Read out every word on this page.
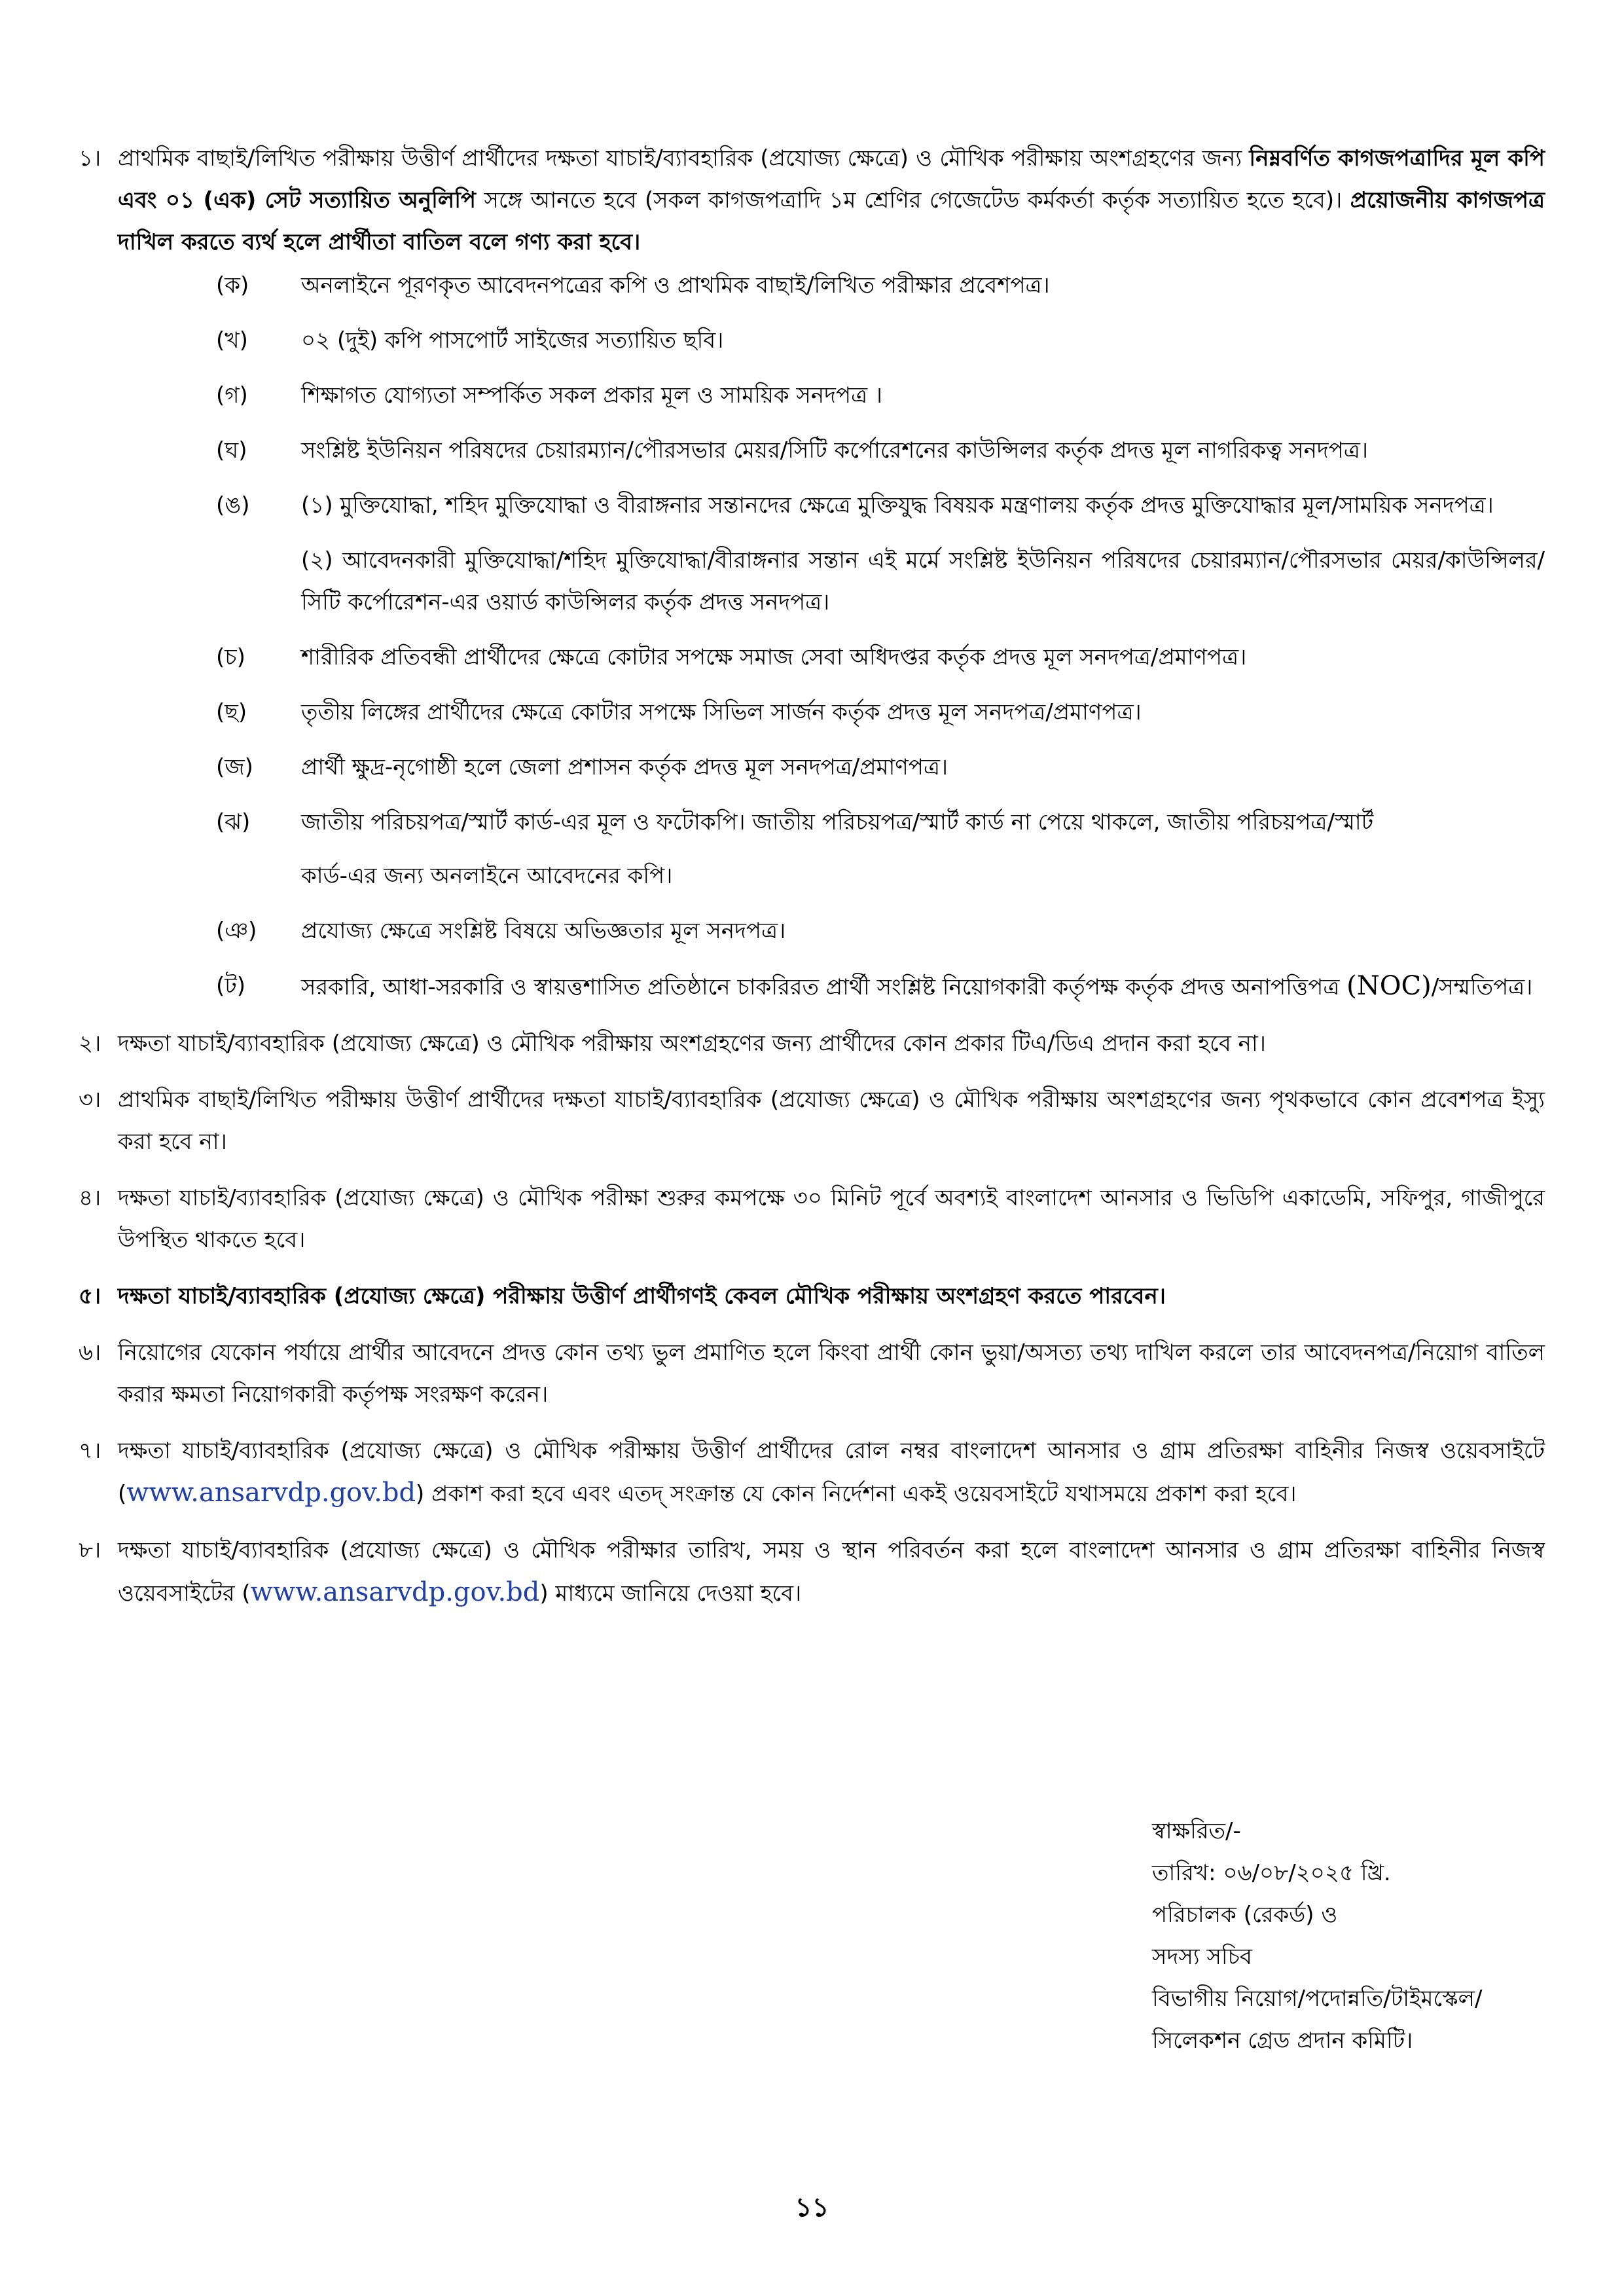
১। প্রাথমিক বাছাই/লিখিত পরীক্ষায় উত্তীর্ণ প্রার্থীদের দক্ষতা যাচাই/ব্যাবহারিক (প্রযোজ্য ক্ষেত্রে) ও মৌখিক পরীক্ষায় অংশগ্রহণের জন্য নিম্নবর্ণিত কাগজপত্রাদির মূল কপি এবং ০১ (এক) সেট সত্যায়িত অনুলিপি সঙ্গে আনতে হবে (সকল কাগজপত্রাদি ১ম শ্রেণির গেজেটেড কর্মকর্তা কর্তৃক সত্যায়িত হতে হবে)। প্রয়োজনীয় কাগজপত্র দাখিল করতে ব্যর্থ হলে প্রার্থীতা বাতিল বলে গণ্য করা হবে।
(ক) অনলাইনে পূরণকৃত আবেদনপত্রের কপি ও প্রাথমিক বাছাই/লিখিত পরীক্ষার প্রবেশপত্র।
(খ) ০২ (দুই) কপি পাসপোর্ট সাইজের সত্যায়িত ছবি।
(গ) শিক্ষাগত যোগ্যতা সম্পর্কিত সকল প্রকার মূল ও সাময়িক সনদপত্র ।
(ঘ) সংশ্লিষ্ট ইউনিয়ন পরিষদের চেয়ারম্যান/পৌরসভার মেয়র/সিটি কর্পোরেশনের কাউন্সিলর কর্তৃক প্রদত্ত মূল নাগরিকত্ব সনদপত্র।
(ঙ) (১) মুক্তিযোদ্ধা, শহিদ মুক্তিযোদ্ধা ও বীরাঙ্গনার সন্তানদের ক্ষেত্রে মুক্তিযুদ্ধ বিষয়ক মন্ত্রণালয় কর্তৃক প্রদত্ত মুক্তিযোদ্ধার মূল/সাময়িক সনদপত্র।
(২) আবেদনকারী মুক্তিযোদ্ধা/শহিদ মুক্তিযোদ্ধা/বীরাঙ্গনার সন্তান এই মর্মে সংশ্লিষ্ট ইউনিয়ন পরিষদের চেয়ারম্যান/পৌরসভার মেয়র/কাউন্সিলর/সিটি কর্পোরেশন-এর ওয়ার্ড কাউন্সিলর কর্তৃক প্রদত্ত সনদপত্র।
(চ)	শারীরিক প্রতিবন্ধী প্রার্থীদের ক্ষেত্রে কোটার সপক্ষে সমাজ সেবা অধিদপ্তর কর্তৃক প্রদত্ত মূল সনদপত্র/প্রমাণপত্র।
(ছ) তৃতীয় লিঙ্গের প্রার্থীদের ক্ষেত্রে কোটার সপক্ষে সিভিল সার্জন কর্তৃক প্রদত্ত মূল সনদপত্র/প্রমাণপত্র।
(জ) প্রার্থী ক্ষুদ্র-নৃগোষ্ঠী হলে জেলা প্রশাসন কর্তৃক প্রদত্ত মূল সনদপত্র/প্রমাণপত্র।
(ঝ) জাতীয় পরিচয়পত্র/স্মার্ট কার্ড-এর মূল ও ফটোকপি। জাতীয় পরিচয়পত্র/স্মার্ট কার্ড না পেয়ে থাকলে, জাতীয় পরিচয়পত্র/স্মার্ট
কার্ড-এর জন্য অনলাইনে আবেদনের কপি।
(ঞ) প্রযোজ্য ক্ষেত্রে সংশ্লিষ্ট বিষয়ে অভিজ্ঞতার মূল সনদপত্র।
(ট) সরকারি, আধা-সরকারি ও স্বায়ত্তশাসিত প্রতিষ্ঠানে চাকরিরত প্রার্থী সংশ্লিষ্ট নিয়োগকারী কর্তৃপক্ষ কর্তৃক প্রদত্ত অনাপত্তিপত্র (NOC)/সম্মতিপত্র।
২। দক্ষতা যাচাই/ব্যাবহারিক (প্রযোজ্য ক্ষেত্রে) ও মৌখিক পরীক্ষায় অংশগ্রহণের জন্য প্রার্থীদের কোন প্রকার টিএ/ডিএ প্রদান করা হবে না।
৩। প্রাথমিক বাছাই/লিখিত পরীক্ষায় উত্তীর্ণ প্রার্থীদের দক্ষতা যাচাই/ব্যাবহারিক (প্রযোজ্য ক্ষেত্রে) ও মৌখিক পরীক্ষায় অংশগ্রহণের জন্য পৃথকভাবে কোন প্রবেশপত্র ইস্যু করা হবে না।
৪। দক্ষতা যাচাই/ব্যাবহারিক (প্রযোজ্য ক্ষেত্রে) ও মৌখিক পরীক্ষা শুরুর কমপক্ষে ৩০ মিনিট পূর্বে অবশ্যই বাংলাদেশ আনসার ও ভিডিপি একাডেমি, সফিপুর, গাজীপুরে উপস্থিত থাকতে হবে।
৫। দক্ষতা যাচাই/ব্যাবহারিক (প্রযোজ্য ক্ষেত্রে) পরীক্ষায় উত্তীর্ণ প্রার্থীগণই কেবল মৌখিক পরীক্ষায় অংশগ্রহণ করতে পারবেন।
৬। নিয়োগের যেকোন পর্যায়ে প্রার্থীর আবেদনে প্রদত্ত কোন তথ্য ভুল প্রমাণিত হলে কিংবা প্রার্থী কোন ভুয়া/অসত্য তথ্য দাখিল করলে তার আবেদনপত্র/নিয়োগ বাতিল করার ক্ষমতা নিয়োগকারী কর্তৃপক্ষ সংরক্ষণ করেন।
৭। দক্ষতা যাচাই/ব্যাবহারিক (প্রযোজ্য ক্ষেত্রে) ও মৌখিক পরীক্ষায় উত্তীর্ণ প্রার্থীদের রোল নম্বর বাংলাদেশ আনসার ও গ্রাম প্রতিরক্ষা বাহিনীর নিজস্ব ওয়েবসাইটে (www.ansarvdp.gov.bd) প্রকাশ করা হবে এবং এতদ্ সংক্রান্ত যে কোন নির্দেশনা একই ওয়েবসাইটে যথাসময়ে প্রকাশ করা হবে।
৮। দক্ষতা যাচাই/ব্যাবহারিক (প্রযোজ্য ক্ষেত্রে) ও মৌখিক পরীক্ষার তারিখ, সময় ও স্থান পরিবর্তন করা হলে বাংলাদেশ আনসার ও গ্রাম প্রতিরক্ষা বাহিনীর নিজস্ব ওয়েবসাইটের (www.ansarvdp.gov.bd) মাধ্যমে জানিয়ে দেওয়া হবে।
স্বাক্ষরিত/-
তারিখ: ০৬/০৮/২০২৫ খ্রি.
পরিচালক (রেকর্ড) ও
সদস্য সচিব
বিভাগীয় নিয়োগ/পদোন্নতি/টাইমস্কেল/
সিলেকশন গ্রেড প্রদান কমিটি।
১১
